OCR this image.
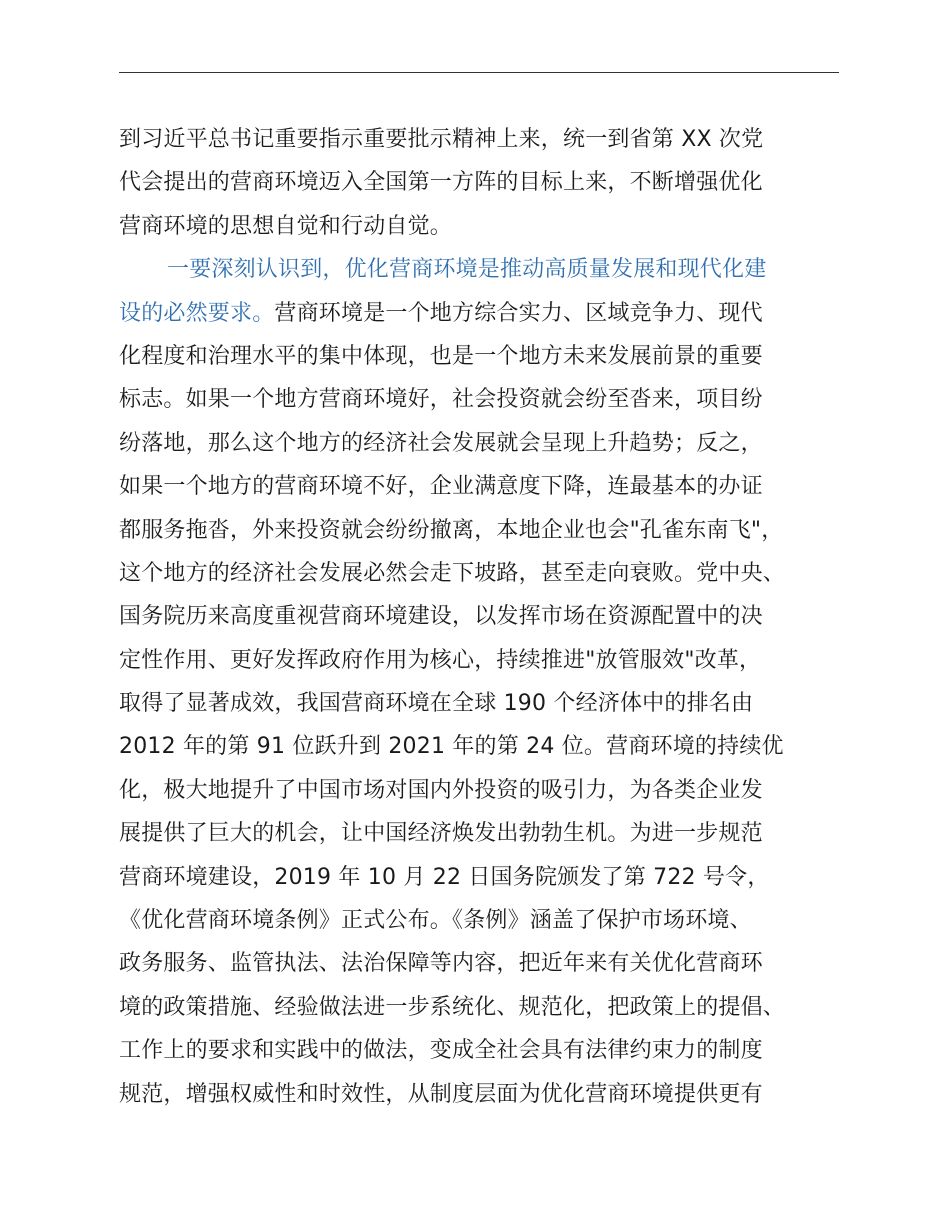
到习近平总书记重要指示重要批示精神上来，统一到省第 XX 次党
代会提出的营商环境迈入全国第一方阵的目标上来，不断增强优化
营商环境的思想自觉和行动自觉。
一要深刻认识到，优化营商环境是推动高质量发展和现代化建
设的必然要求。营商环境是一个地方综合实力、区域竞争力、现代
化程度和治理水平的集中体现，也是一个地方未来发展前景的重要
标志。如果一个地方营商环境好，社会投资就会纷至沓来，项目纷
纷落地，那么这个地方的经济社会发展就会呈现上升趋势；反之，
如果一个地方的营商环境不好，企业满意度下降，连最基本的办证
都服务拖沓，外来投资就会纷纷撤离，本地企业也会"孔雀东南飞"，
这个地方的经济社会发展必然会走下坡路，甚至走向衰败。党中央、
国务院历来高度重视营商环境建设，以发挥市场在资源配置中的决
定性作用、更好发挥政府作用为核心，持续推进"放管服效"改革，
取得了显著成效，我国营商环境在全球 190 个经济体中的排名由
2012 年的第 91 位跃升到 2021 年的第 24 位。营商环境的持续优
化，极大地提升了中国市场对国内外投资的吸引力，为各类企业发
展提供了巨大的机会，让中国经济焕发出勃勃生机。为进一步规范
营商环境建设，2019 年 10 月 22 日国务院颁发了第 722 号令，
《优化营商环境条例》正式公布。《条例》涵盖了保护市场环境、
政务服务、监管执法、法治保障等内容，把近年来有关优化营商环
境的政策措施、经验做法进一步系统化、规范化，把政策上的提倡、
工作上的要求和实践中的做法，变成全社会具有法律约束力的制度
规范，增强权威性和时效性，从制度层面为优化营商环境提供更有
